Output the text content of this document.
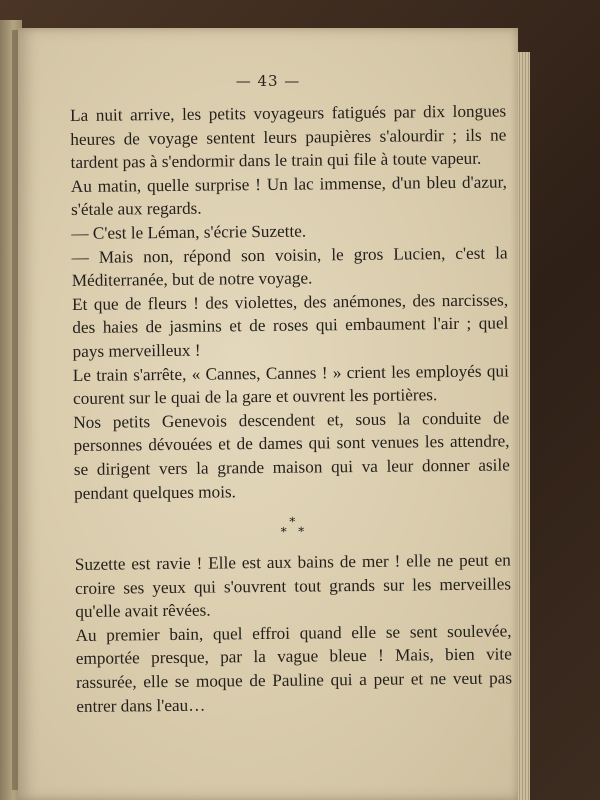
— 43 —

La nuit arrive, les petits voyageurs fatigués par dix longues heures de voyage sentent leurs paupières s'alourdir ; ils ne tardent pas à s'endormir dans le train qui file à toute vapeur.

Au matin, quelle surprise ! Un lac immense, d'un bleu d'azur, s'étale aux regards.

— C'est le Léman, s'écrie Suzette.

— Mais non, répond son voisin, le gros Lucien, c'est la Méditerranée, but de notre voyage.

Et que de fleurs ! des violettes, des anémones, des narcisses, des haies de jasmins et de roses qui embaument l'air ; quel pays merveilleux !

Le train s'arrête, « Cannes, Cannes ! » crient les employés qui courent sur le quai de la gare et ouvrent les portières.

Nos petits Genevois descendent et, sous la conduite de personnes dévouées et de dames qui sont venues les attendre, se dirigent vers la grande maison qui va leur donner asile pendant quelques mois.

*
*   *

Suzette est ravie ! Elle est aux bains de mer ! elle ne peut en croire ses yeux qui s'ouvrent tout grands sur les merveilles qu'elle avait rêvées.

Au premier bain, quel effroi quand elle se sent soulevée, emportée presque, par la vague bleue ! Mais, bien vite rassurée, elle se moque de Pauline qui a peur et ne veut pas entrer dans l'eau…
